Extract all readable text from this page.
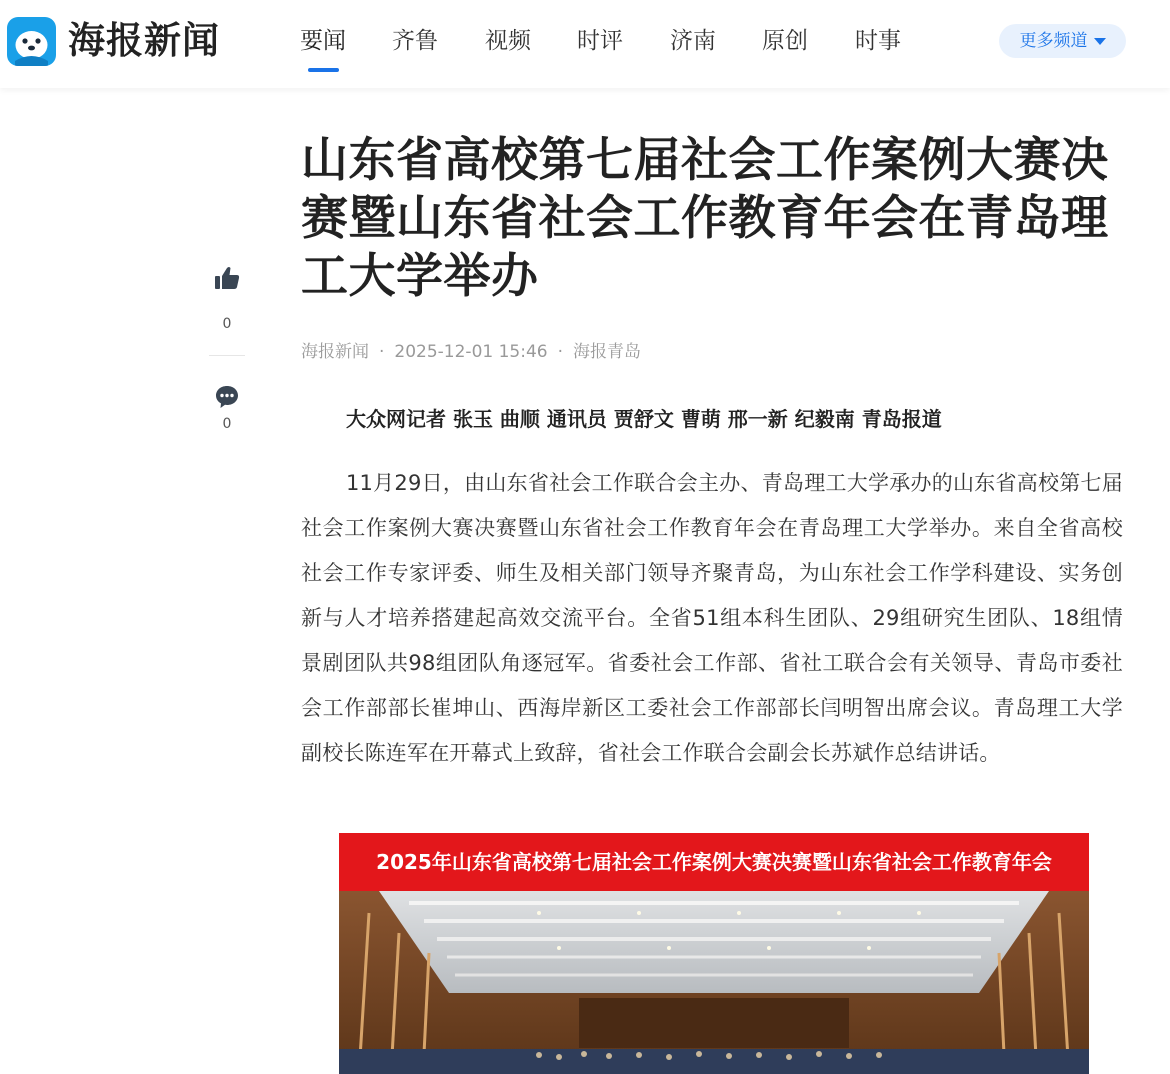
海报新闻	要闻 齐鲁 视频 时评 济南 原创 时事	更多频道
0
0
山东省高校第七届社会工作案例大赛决赛暨山东省社会工作教育年会在青岛理工大学举办
海报新闻 · 2025-12-01 15:46 · 海报青岛
大众网记者 张玉 曲顺 通讯员 贾舒文 曹萌 邢一新 纪毅南 青岛报道

11月29日，由山东省社会工作联合会主办、青岛理工大学承办的山东省高校第七届社会工作案例大赛决赛暨山东省社会工作教育年会在青岛理工大学举办。来自全省高校社会工作专家评委、师生及相关部门领导齐聚青岛，为山东社会工作学科建设、实务创新与人才培养搭建起高效交流平台。全省51组本科生团队、29组研究生团队、18组情景剧团队共98组团队角逐冠军。省委社会工作部、省社工联合会有关领导、青岛市委社会工作部部长崔坤山、西海岸新区工委社会工作部部长闫明智出席会议。青岛理工大学副校长陈连军在开幕式上致辞，省社会工作联合会副会长苏斌作总结讲话。

2025年山东省高校第七届社会工作案例大赛决赛暨山东省社会工作教育年会
